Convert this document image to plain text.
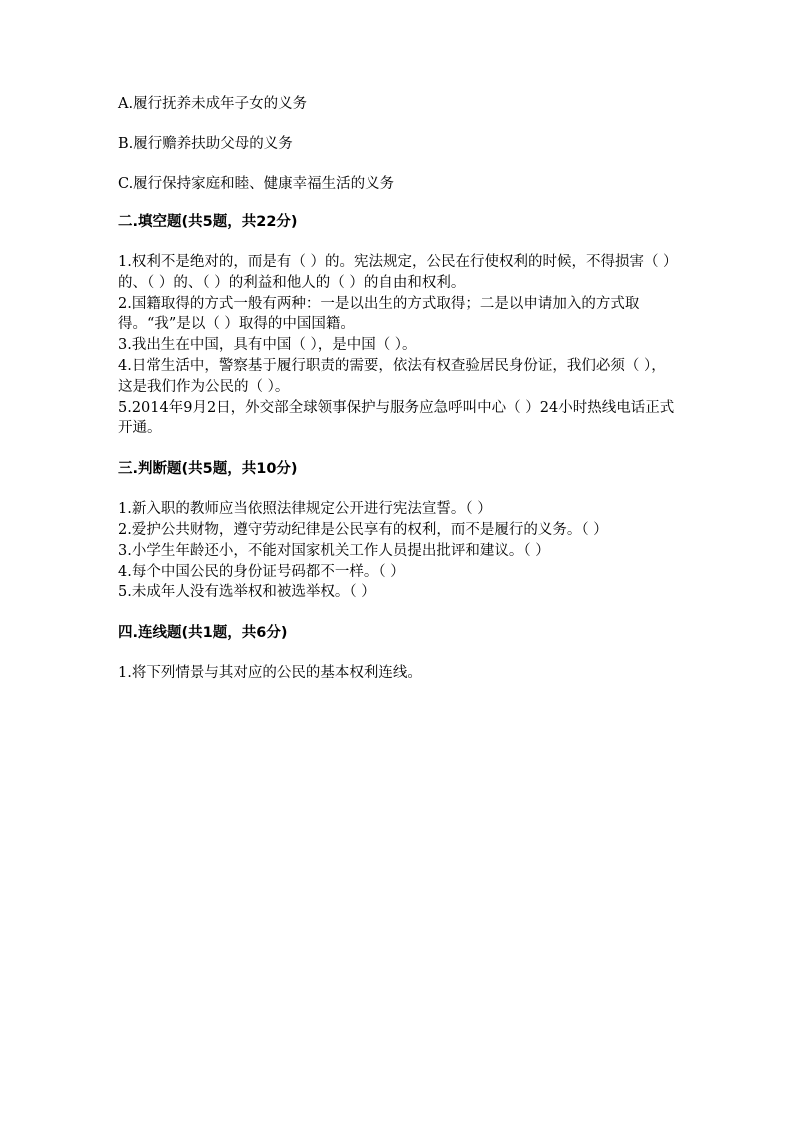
A.履行抚养未成年子女的义务
B.履行赡养扶助父母的义务
C.履行保持家庭和睦、健康幸福生活的义务
二.填空题(共5题，共22分)

1.权利不是绝对的，而是有（ ）的。宪法规定，公民在行使权利的时候，不得损害（ ）的、（ ）的、（ ）的利益和他人的（ ）的自由和权利。

2.国籍取得的方式一般有两种：一是以出生的方式取得；二是以申请加入的方式取得。“我”是以（ ）取得的中国国籍。

3.我出生在中国，具有中国（ ），是中国（ ）。

4.日常生活中，警察基于履行职责的需要，依法有权查验居民身份证，我们必须（ ），这是我们作为公民的（ ）。

5.2014年9月2日，外交部全球领事保护与服务应急呼叫中心（ ）24小时热线电话正式开通。

三.判断题(共5题，共10分)

1.新入职的教师应当依照法律规定公开进行宪法宣誓。（ ）

2.爱护公共财物，遵守劳动纪律是公民享有的权利，而不是履行的义务。（ ）

3.小学生年龄还小，不能对国家机关工作人员提出批评和建议。（ ）

4.每个中国公民的身份证号码都不一样。（ ）

5.未成年人没有选举权和被选举权。（ ）

四.连线题(共1题，共6分)

1.将下列情景与其对应的公民的基本权利连线。
